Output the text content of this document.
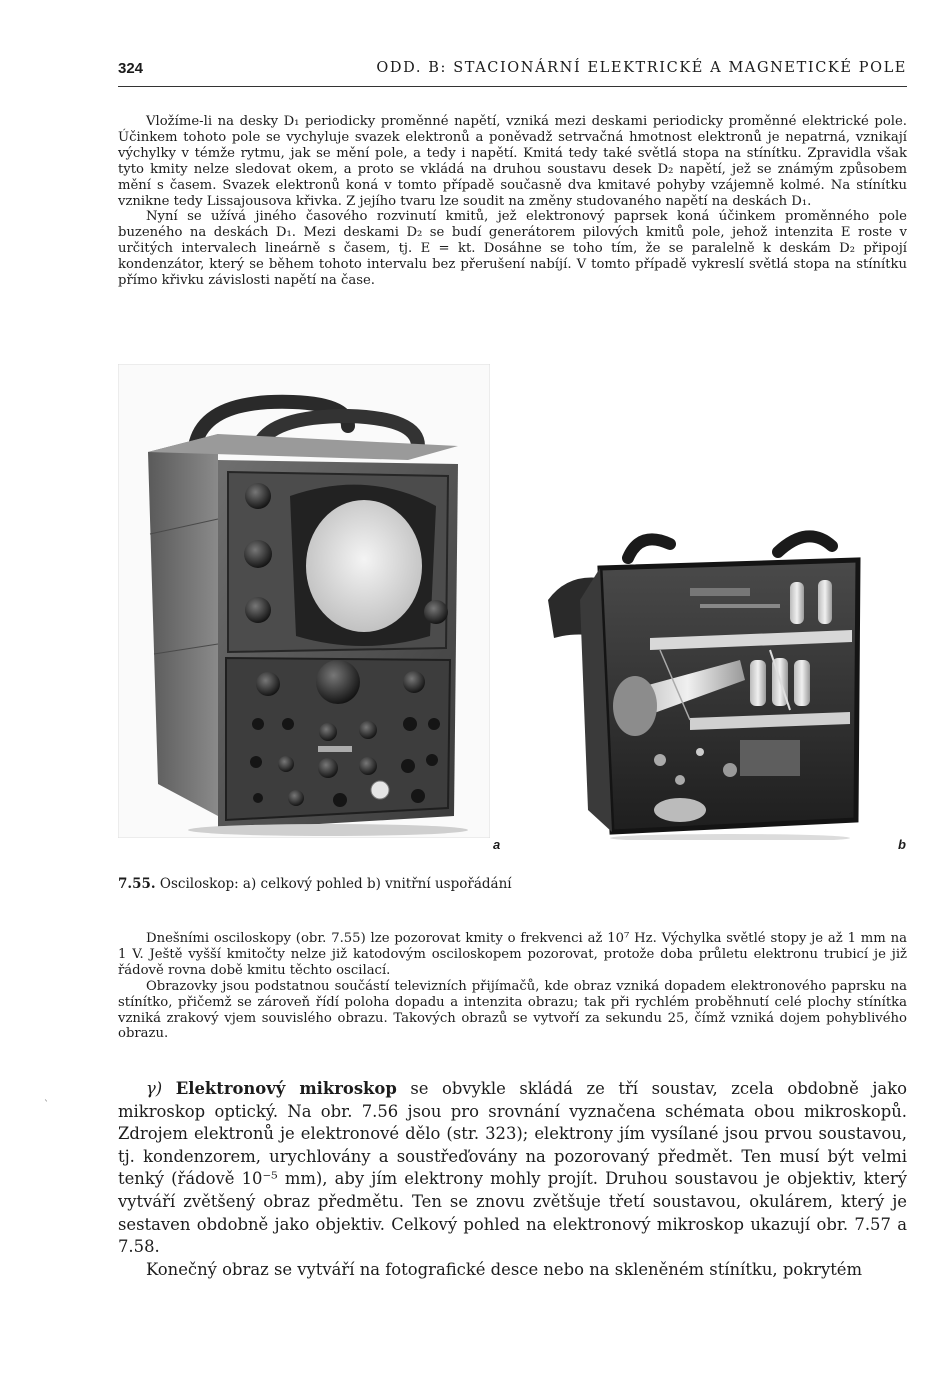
324	ODD. B: STACIONÁRNÍ ELEKTRICKÉ A MAGNETICKÉ POLE

Vložíme-li na desky D₁ periodicky proměnné napětí, vzniká mezi deskami periodicky proměnné elektrické pole. Účinkem tohoto pole se vychyluje svazek elektronů a poněvadž setrvačná hmotnost elektronů je nepatrná, vznikají výchylky v témže rytmu, jak se mění pole, a tedy i napětí. Kmitá tedy také světlá stopa na stínítku. Zpravidla však tyto kmity nelze sledovat okem, a proto se vkládá na druhou soustavu desek D₂ napětí, jež se známým způsobem mění s časem. Svazek elektronů koná v tomto případě současně dva kmitavé pohyby vzájemně kolmé. Na stínítku vznikne tedy Lissajousova křivka. Z jejího tvaru lze soudit na změny studovaného napětí na deskách D₁.

Nyní se užívá jiného časového rozvinutí kmitů, jež elektronový paprsek koná účinkem proměnného pole buzeného na deskách D₁. Mezi deskami D₂ se budí generátorem pilových kmitů pole, jehož intenzita E roste v určitých intervalech lineárně s časem, tj. E = kt. Dosáhne se toho tím, že se paralelně k deskám D₂ připojí kondenzátor, který se během tohoto intervalu bez přerušení nabíjí. V tomto případě vykreslí světlá stopa na stínítku přímo křivku závislosti napětí na čase.

a	b
7.55. Osciloskop: a) celkový pohled b) vnitřní uspořádání

Dnešními osciloskopy (obr. 7.55) lze pozorovat kmity o frekvenci až 10⁷ Hz. Výchylka světlé stopy je až 1 mm na 1 V. Ještě vyšší kmitočty nelze již katodovým osciloskopem pozorovat, protože doba průletu elektronu trubicí je již řádově rovna době kmitu těchto oscilací.

Obrazovky jsou podstatnou součástí televizních přijímačů, kde obraz vzniká dopadem elektronového paprsku na stínítko, přičemž se zároveň řídí poloha dopadu a intenzita obrazu; tak při rychlém proběhnutí celé plochy stínítka vzniká zrakový vjem souvislého obrazu. Takových obrazů se vytvoří za sekundu 25, čímž vzniká dojem pohyblivého obrazu.

γ) Elektronový mikroskop se obvykle skládá ze tří soustav, zcela obdobně jako mikroskop optický. Na obr. 7.56 jsou pro srovnání vyznačena schémata obou mikroskopů. Zdrojem elektronů je elektronové dělo (str. 323); elektrony jím vysílané jsou prvou soustavou, tj. kondenzorem, urychlovány a soustřeďovány na pozorovaný předmět. Ten musí být velmi tenký (řádově 10⁻⁵ mm), aby jím elektrony mohly projít. Druhou soustavou je objektiv, který vytváří zvětšený obraz předmětu. Ten se znovu zvětšuje třetí soustavou, okulárem, který je sestaven obdobně jako objektiv. Celkový pohled na elektronový mikroskop ukazují obr. 7.57 a 7.58.

Konečný obraz se vytváří na fotografické desce nebo na skleněném stínítku, pokrytém

`
